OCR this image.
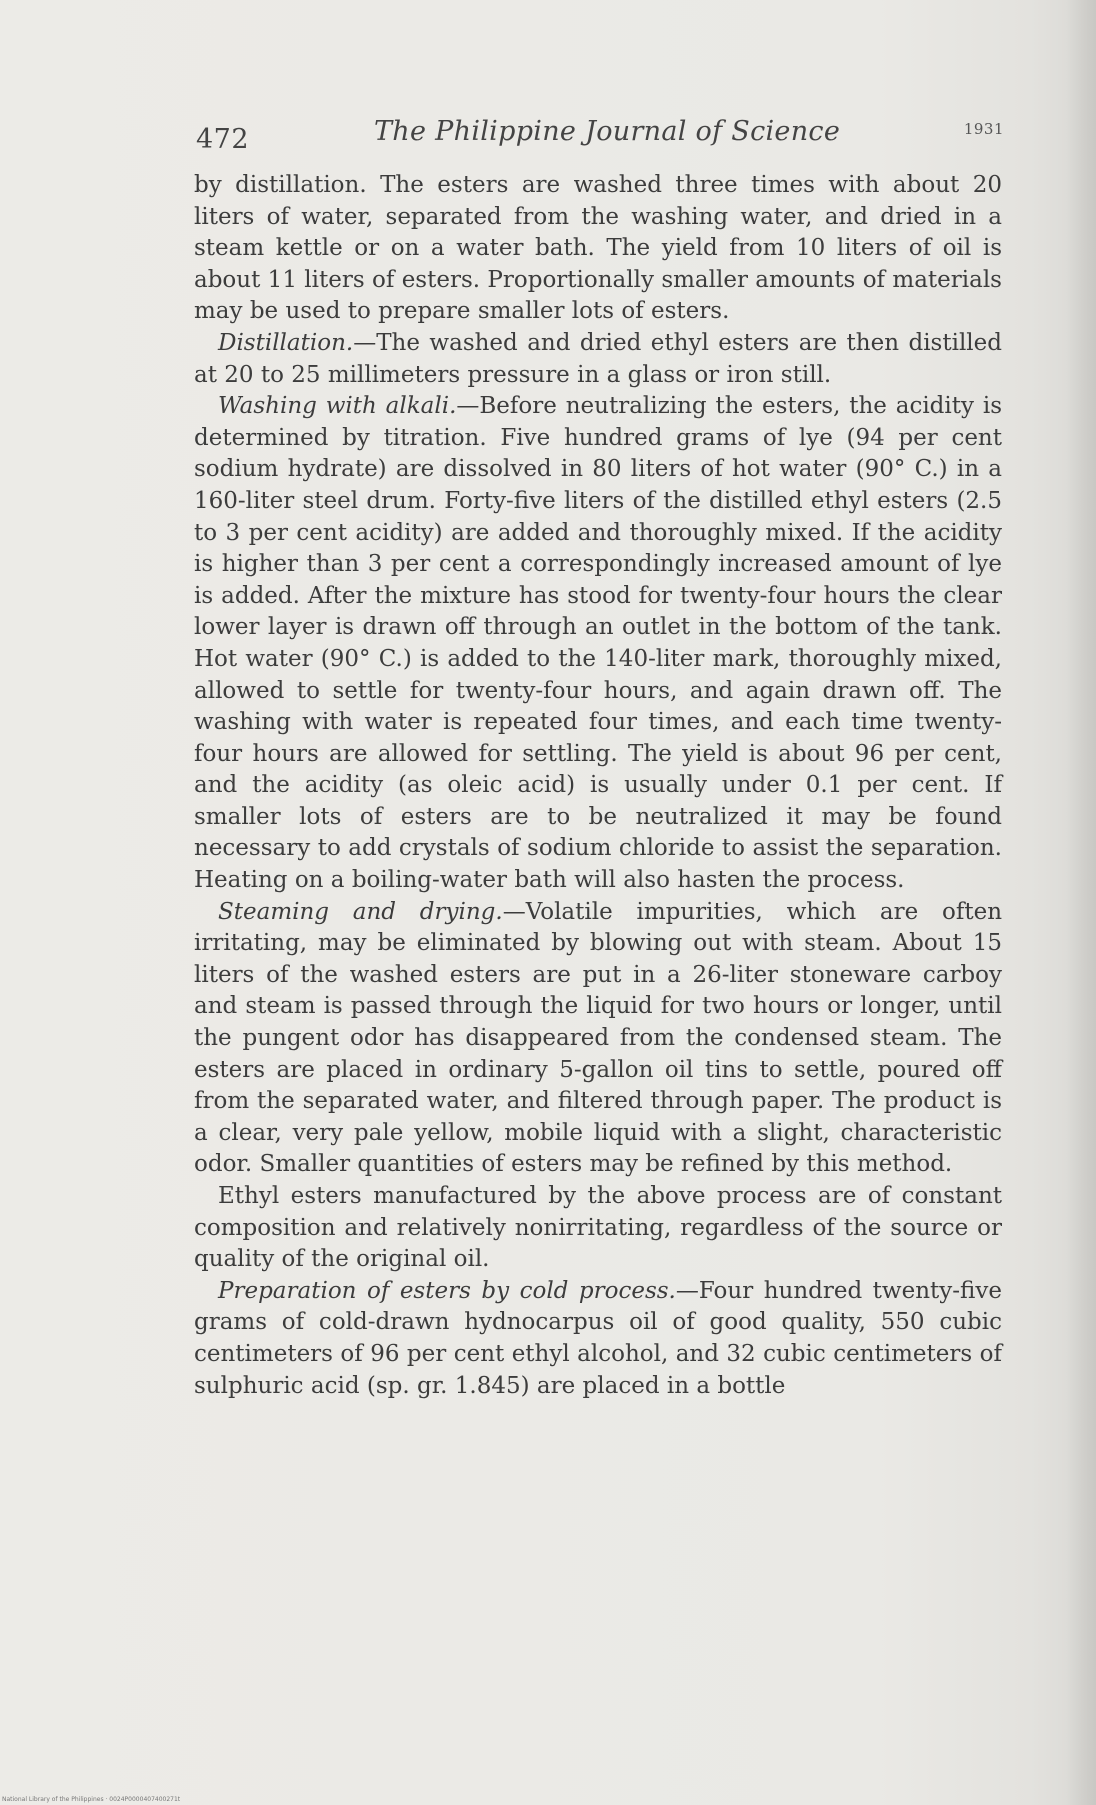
472	The Philippine Journal of Science	1931

by distillation. The esters are washed three times with about 20 liters of water, separated from the washing water, and dried in a steam kettle or on a water bath. The yield from 10 liters of oil is about 11 liters of esters. Proportionally smaller amounts of materials may be used to prepare smaller lots of esters.

Distillation.—The washed and dried ethyl esters are then distilled at 20 to 25 millimeters pressure in a glass or iron still.

Washing with alkali.—Before neutralizing the esters, the acidity is determined by titration. Five hundred grams of lye (94 per cent sodium hydrate) are dissolved in 80 liters of hot water (90° C.) in a 160-liter steel drum. Forty-five liters of the distilled ethyl esters (2.5 to 3 per cent acidity) are added and thoroughly mixed. If the acidity is higher than 3 per cent a correspondingly increased amount of lye is added. After the mixture has stood for twenty-four hours the clear lower layer is drawn off through an outlet in the bottom of the tank. Hot water (90° C.) is added to the 140-liter mark, thoroughly mixed, allowed to settle for twenty-four hours, and again drawn off. The washing with water is repeated four times, and each time twenty-four hours are allowed for settling. The yield is about 96 per cent, and the acidity (as oleic acid) is usually under 0.1 per cent. If smaller lots of esters are to be neutralized it may be found necessary to add crystals of sodium chloride to assist the separation. Heating on a boiling-water bath will also hasten the process.

Steaming and drying.—Volatile impurities, which are often irritating, may be eliminated by blowing out with steam. About 15 liters of the washed esters are put in a 26-liter stoneware carboy and steam is passed through the liquid for two hours or longer, until the pungent odor has disappeared from the condensed steam. The esters are placed in ordinary 5-gallon oil tins to settle, poured off from the separated water, and filtered through paper. The product is a clear, very pale yellow, mobile liquid with a slight, characteristic odor. Smaller quantities of esters may be refined by this method.

Ethyl esters manufactured by the above process are of constant composition and relatively nonirritating, regardless of the source or quality of the original oil.

Preparation of esters by cold process.—Four hundred twenty-five grams of cold-drawn hydnocarpus oil of good quality, 550 cubic centimeters of 96 per cent ethyl alcohol, and 32 cubic centimeters of sulphuric acid (sp. gr. 1.845) are placed in a bottle

National Library of the Philippines · 0024P0000407400271t
